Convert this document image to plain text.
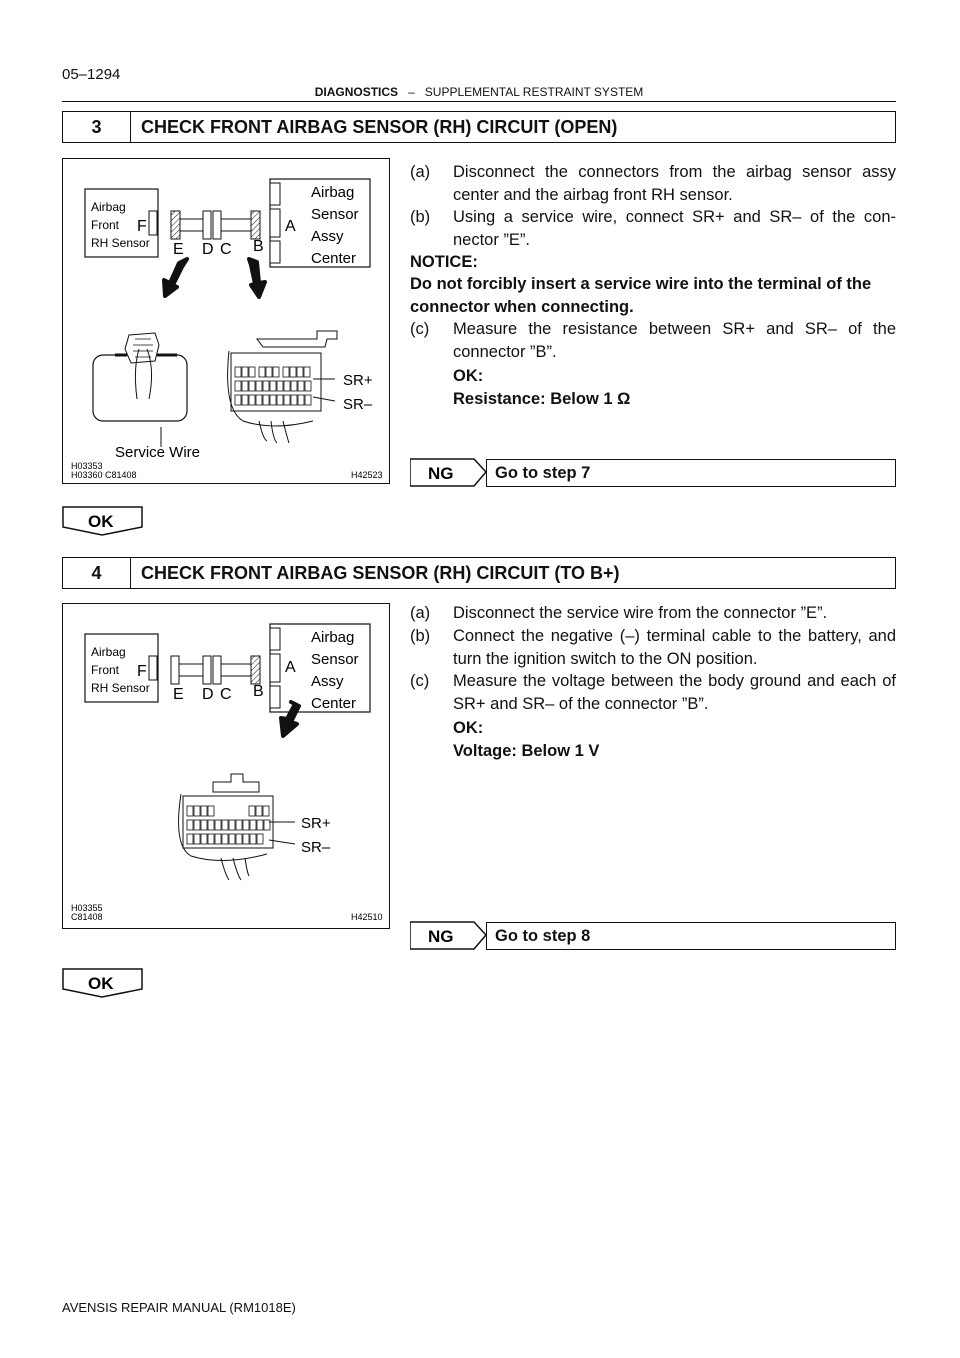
05–1294
DIAGNOSTICS – SUPPLEMENTAL RESTRAINT SYSTEM
3	CHECK FRONT AIRBAG SENSOR (RH) CIRCUIT (OPEN)
Airbag
Front
RH Sensor
F
E D C B
A
Airbag
Sensor
Assy
Center
Service Wire
SR+
SR–
H03353
H03360 C81408	H42523
(a) Disconnect the connectors from the airbag sensor assy center and the airbag front RH sensor.
(b) Using a service wire, connect SR+ and SR– of the con- nector ”E”.
NOTICE:
Do not forcibly insert a service wire into the terminal of the connector when connecting.
(c) Measure the resistance between SR+ and SR– of the connector ”B”.
OK:
Resistance: Below 1 Ω
NG	Go to step 7
OK
4	CHECK FRONT AIRBAG SENSOR (RH) CIRCUIT (TO B+)
Airbag
Front
RH Sensor
F
E D C B
A
Airbag
Sensor
Assy
Center
SR+
SR–
H03355
C81408	H42510
(a) Disconnect the service wire from the connector ”E”.
(b) Connect the negative (–) terminal cable to the battery, and turn the ignition switch to the ON position.
(c) Measure the voltage between the body ground and each of SR+ and SR– of the connector ”B”.
OK:
Voltage: Below 1 V
NG	Go to step 8
OK
AVENSIS REPAIR MANUAL (RM1018E)
